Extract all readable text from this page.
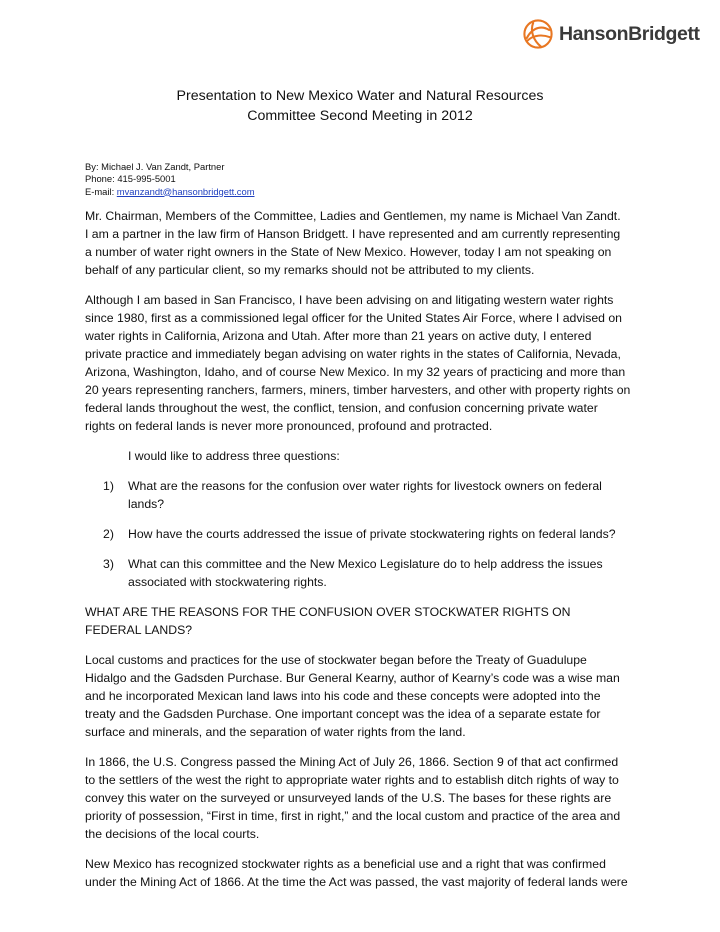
HansonBridgett
Presentation to New Mexico Water and Natural Resources
Committee Second Meeting in 2012
By: Michael J. Van Zandt, Partner
Phone: 415-995-5001
E-mail: mvanzandt@hansonbridgett.com

Mr. Chairman, Members of the Committee, Ladies and Gentlemen, my name is Michael Van Zandt.
I am a partner in the law firm of Hanson Bridgett. I have represented and am currently representing
a number of water right owners in the State of New Mexico. However, today I am not speaking on
behalf of any particular client, so my remarks should not be attributed to my clients.

Although I am based in San Francisco, I have been advising on and litigating western water rights
since 1980, first as a commissioned legal officer for the United States Air Force, where I advised on
water rights in California, Arizona and Utah. After more than 21 years on active duty, I entered
private practice and immediately began advising on water rights in the states of California, Nevada,
Arizona, Washington, Idaho, and of course New Mexico. In my 32 years of practicing and more than
20 years representing ranchers, farmers, miners, timber harvesters, and other with property rights on
federal lands throughout the west, the conflict, tension, and confusion concerning private water
rights on federal lands is never more pronounced, profound and protracted.

I would like to address three questions:

1) What are the reasons for the confusion over water rights for livestock owners on federal
lands?
2) How have the courts addressed the issue of private stockwatering rights on federal lands?
3) What can this committee and the New Mexico Legislature do to help address the issues
associated with stockwatering rights.

WHAT ARE THE REASONS FOR THE CONFUSION OVER STOCKWATER RIGHTS ON
FEDERAL LANDS?

Local customs and practices for the use of stockwater began before the Treaty of Guadulupe
Hidalgo and the Gadsden Purchase. Bur General Kearny, author of Kearny’s code was a wise man
and he incorporated Mexican land laws into his code and these concepts were adopted into the
treaty and the Gadsden Purchase. One important concept was the idea of a separate estate for
surface and minerals, and the separation of water rights from the land.

In 1866, the U.S. Congress passed the Mining Act of July 26, 1866. Section 9 of that act confirmed
to the settlers of the west the right to appropriate water rights and to establish ditch rights of way to
convey this water on the surveyed or unsurveyed lands of the U.S. The bases for these rights are
priority of possession, “First in time, first in right,” and the local custom and practice of the area and
the decisions of the local courts.

New Mexico has recognized stockwater rights as a beneficial use and a right that was confirmed
under the Mining Act of 1866. At the time the Act was passed, the vast majority of federal lands were
